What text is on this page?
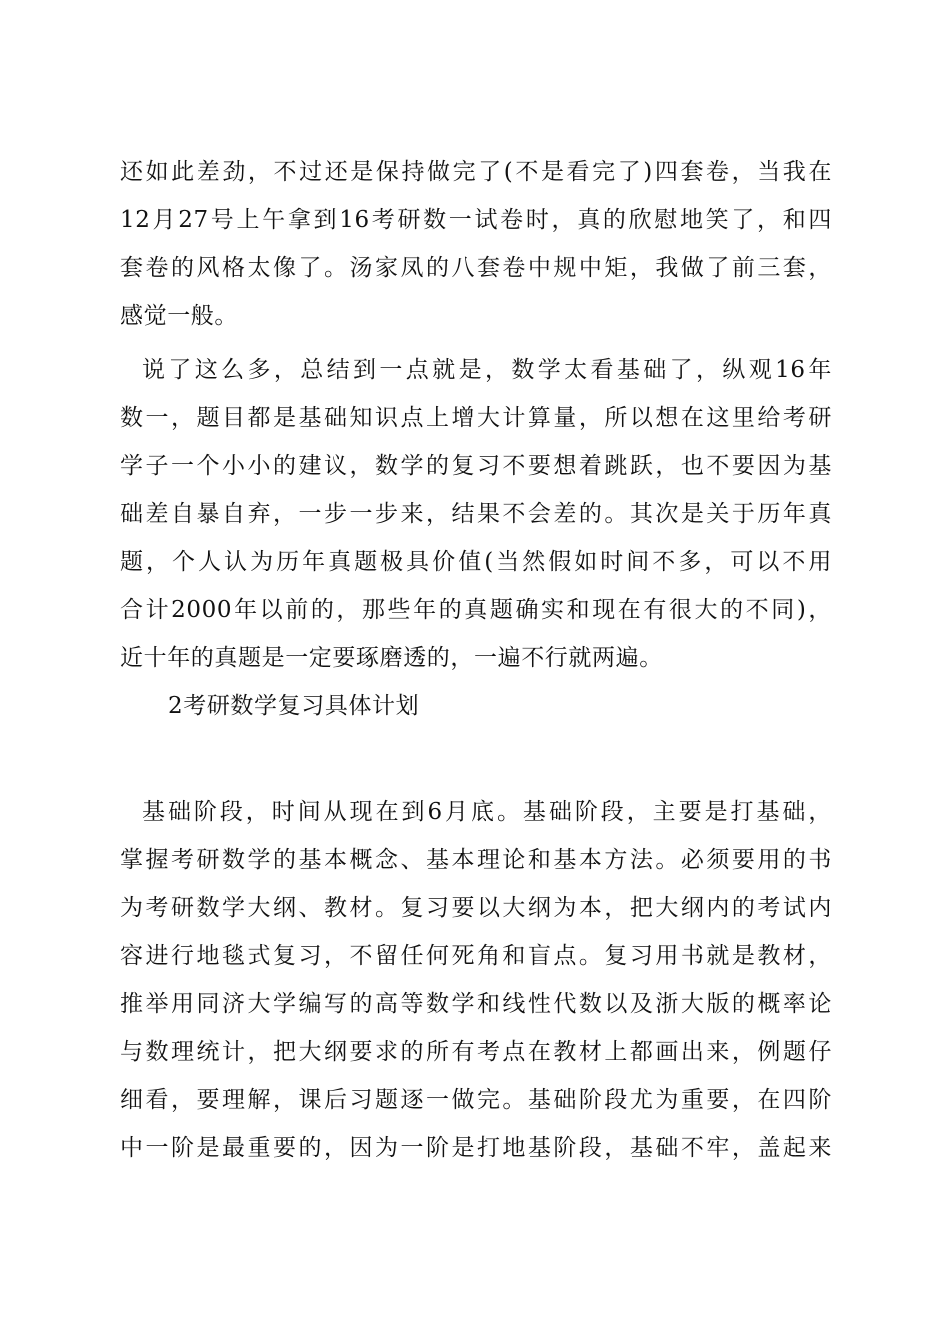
还如此差劲，不过还是保持做完了(不是看完了)四套卷，当我在
12月27号上午拿到16考研数一试卷时，真的欣慰地笑了，和四
套卷的风格太像了。汤家凤的八套卷中规中矩，我做了前三套，
感觉一般。
说了这么多，总结到一点就是，数学太看基础了，纵观16年
数一，题目都是基础知识点上增大计算量，所以想在这里给考研
学子一个小小的建议，数学的复习不要想着跳跃，也不要因为基
础差自暴自弃，一步一步来，结果不会差的。其次是关于历年真
题，个人认为历年真题极具价值(当然假如时间不多，可以不用
合计2000年以前的，那些年的真题确实和现在有很大的不同)，
近十年的真题是一定要琢磨透的，一遍不行就两遍。
2考研数学复习具体计划
基础阶段，时间从现在到6月底。基础阶段，主要是打基础，
掌握考研数学的基本概念、基本理论和基本方法。必须要用的书
为考研数学大纲、教材。复习要以大纲为本，把大纲内的考试内
容进行地毯式复习，不留任何死角和盲点。复习用书就是教材，
推举用同济大学编写的高等数学和线性代数以及浙大版的概率论
与数理统计，把大纲要求的所有考点在教材上都画出来，例题仔
细看，要理解，课后习题逐一做完。基础阶段尤为重要，在四阶
中一阶是最重要的，因为一阶是打地基阶段，基础不牢，盖起来
